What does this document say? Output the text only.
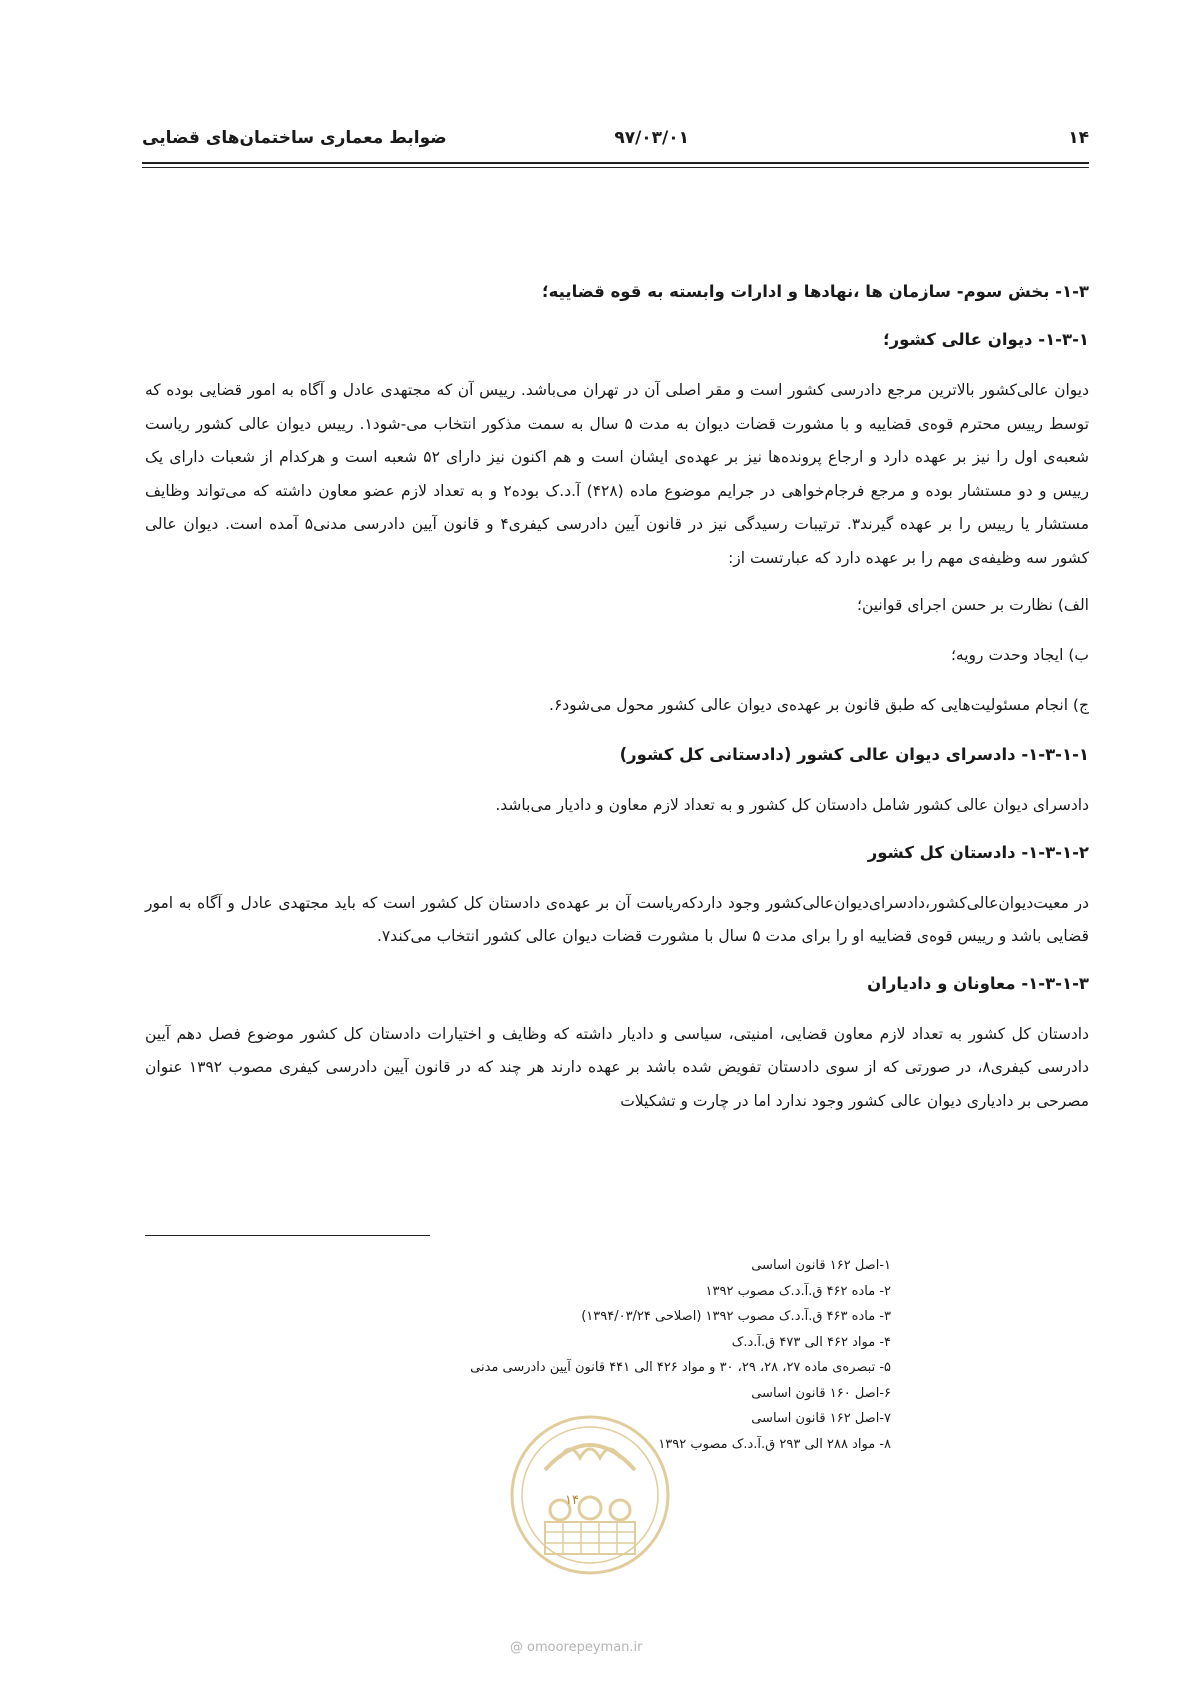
۱۴
۹۷/۰۳/۰۱
ضوابط معماری ساختمان‌های قضایی
۱-۳- بخش سوم- سازمان ها ،نهادها و ادارات وابسته به قوه قضاییه؛
۱-۳-۱- دیوان عالی کشور؛

دیوان عالی‌کشور بالاترین مرجع دادرسی کشور است و مقر اصلی آن در تهران می‌باشد. رییس آن که مجتهدی عادل و آگاه به امور قضایی بوده که توسط رییس محترم قوه‌ی قضاییه و با مشورت قضات دیوان به مدت ۵ سال به سمت مذکور انتخاب می-شود۱. رییس دیوان عالی کشور ریاست شعبه‌ی اول را نیز بر عهده دارد و ارجاع پرونده‌ها نیز بر عهده‌ی ایشان است و هم اکنون نیز دارای ۵۲ شعبه است و هرکدام از شعبات دارای یک رییس و دو مستشار بوده و مرجع فرجام‌خواهی در جرایم موضوع ماده (۴۲۸) آ.د.ک بوده۲ و به تعداد لازم عضو معاون داشته که می‌تواند وظایف مستشار یا رییس را بر عهده گیرند۳. ترتیبات رسیدگی نیز در قانون آیین دادرسی کیفری۴ و قانون آیین دادرسی مدنی۵ آمده است. دیوان عالی کشور سه وظیفه‌ی مهم را بر عهده دارد که عبارتست از:

الف) نظارت بر حسن اجرای قوانین؛
ب) ایجاد وحدت رویه؛
ج) انجام مسئولیت‌هایی که طبق قانون بر عهده‌ی دیوان عالی کشور محول می‌شود۶.
۱-۳-۱-۱- دادسرای دیوان عالی کشور (دادستانی کل کشور)

دادسرای دیوان عالی کشور شامل دادستان کل کشور و به تعداد لازم معاون و دادیار می‌باشد.

۱-۳-۱-۲- دادستان کل کشور

در معیت‌دیوان‌عالی‌کشور،دادسرای‌دیوان‌عالی‌کشور وجود دارد‌که‌ریاست آن بر عهده‌ی دادستان کل کشور است که باید مجتهدی عادل و آگاه به امور قضایی باشد و رییس قوه‌ی قضاییه او را برای مدت ۵ سال با مشورت قضات دیوان عالی کشور انتخاب می‌کند۷.

۱-۳-۱-۳- معاونان و دادیاران

دادستان کل کشور به تعداد لازم معاون قضایی، امنیتی، سیاسی و دادیار داشته که وظایف و اختیارات دادستان کل کشور موضوع فصل دهم آیین دادرسی کیفری۸، در صورتی که از سوی دادستان تفویض شده باشد بر عهده دارند هر چند که در قانون آیین دادرسی کیفری مصوب ۱۳۹۲ عنوان مصرحی بر دادیاری دیوان عالی کشور وجود ندارد اما در چارت و تشکیلات

۱-اصل ۱۶۲ قانون اساسی
۲- ماده ۴۶۲ ق.آ.د.ک مصوب ۱۳۹۲
۳- ماده ۴۶۳ ق.آ.د.ک مصوب ۱۳۹۲ (اصلاحی ۱۳۹۴/۰۳/۲۴)
۴- مواد ۴۶۲ الی ۴۷۳ ق.آ.د.ک
۵- تبصره‌ی ماده ۲۷، ۲۸، ۲۹، ۳۰ و مواد ۴۲۶ الی ۴۴۱ قانون آیین دادرسی مدنی
۶-اصل ۱۶۰ قانون اساسی
۷-اصل ۱۶۲ قانون اساسی
۸- مواد ۲۸۸ الی ۲۹۳ ق.آ.د.ک مصوب ۱۳۹۲
۱۴
@ omoorepeyman.ir
